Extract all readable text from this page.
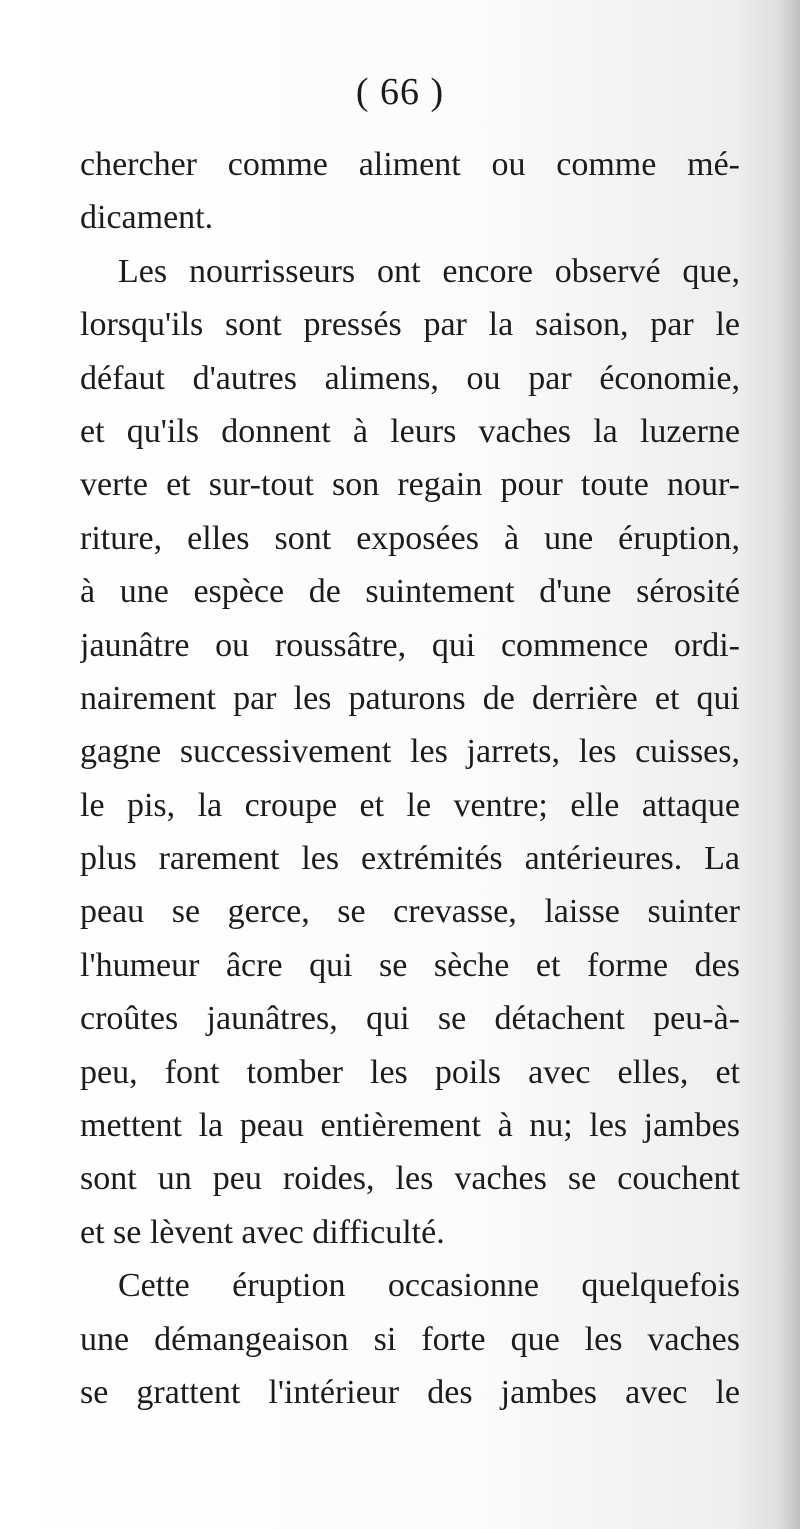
( 66 )
chercher comme aliment ou comme mé-
dicament.
Les nourrisseurs ont encore observé que,
lorsqu'ils sont pressés par la saison, par le
défaut d'autres alimens, ou par économie,
et qu'ils donnent à leurs vaches la luzerne
verte et sur-tout son regain pour toute nour-
riture, elles sont exposées à une éruption,
à une espèce de suintement d'une sérosité
jaunâtre ou roussâtre, qui commence ordi-
nairement par les paturons de derrière et qui
gagne successivement les jarrets, les cuisses,
le pis, la croupe et le ventre; elle attaque
plus rarement les extrémités antérieures. La
peau se gerce, se crevasse, laisse suinter
l'humeur âcre qui se sèche et forme des
croûtes jaunâtres, qui se détachent peu-à-
peu, font tomber les poils avec elles, et
mettent la peau entièrement à nu; les jambes
sont un peu roides, les vaches se couchent
et se lèvent avec difficulté.
Cette éruption occasionne quelquefois
une démangeaison si forte que les vaches
se grattent l'intérieur des jambes avec le
